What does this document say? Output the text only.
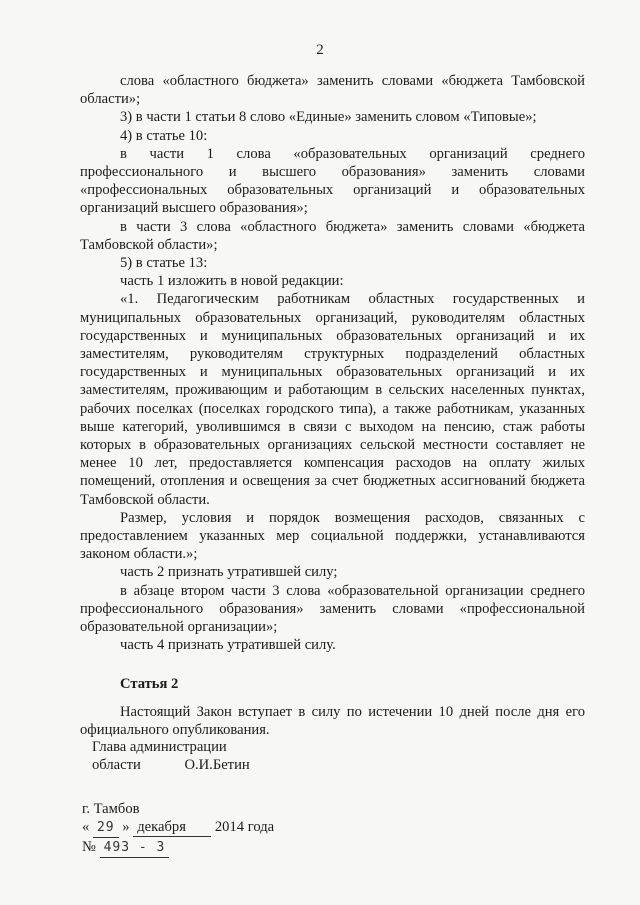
2

слова «областного бюджета» заменить словами «бюджета Тамбовской области»;

3) в части 1 статьи 8 слово «Единые» заменить словом «Типовые»;

4) в статье 10:

в части 1 слова «образовательных организаций среднего профессионального и высшего образования» заменить словами «профессиональных образовательных организаций и образовательных организаций высшего образования»;

в части 3 слова «областного бюджета» заменить словами «бюджета Тамбовской области»;

5) в статье 13:

часть 1 изложить в новой редакции:

«1. Педагогическим работникам областных государственных и муниципальных образовательных организаций, руководителям областных государственных и муниципальных образовательных организаций и их заместителям, руководителям структурных подразделений областных государственных и муниципальных образовательных организаций и их заместителям, проживающим и работающим в сельских населенных пунктах, рабочих поселках (поселках городского типа), а также работникам, указанных выше категорий, уволившимся в связи с выходом на пенсию, стаж работы которых в образовательных организациях сельской местности составляет не менее 10 лет, предоставляется компенсация расходов на оплату жилых помещений, отопления и освещения за счет бюджетных ассигнований бюджета Тамбовской области.

Размер, условия и порядок возмещения расходов, связанных с предоставлением указанных мер социальной поддержки, устанавливаются законом области.»;

часть 2 признать утратившей силу;

в абзаце втором части 3 слова «образовательной организации среднего профессионального образования» заменить словами «профессиональной образовательной организации»;

часть 4 признать утратившей силу.

Статья 2

Настоящий Закон вступает в силу по истечении 10 дней после дня его официального опубликования.

Глава администрации
области	О.И.Бетин
г. Тамбов
« 29 » декабря 2014 года
№ 493 - 3
